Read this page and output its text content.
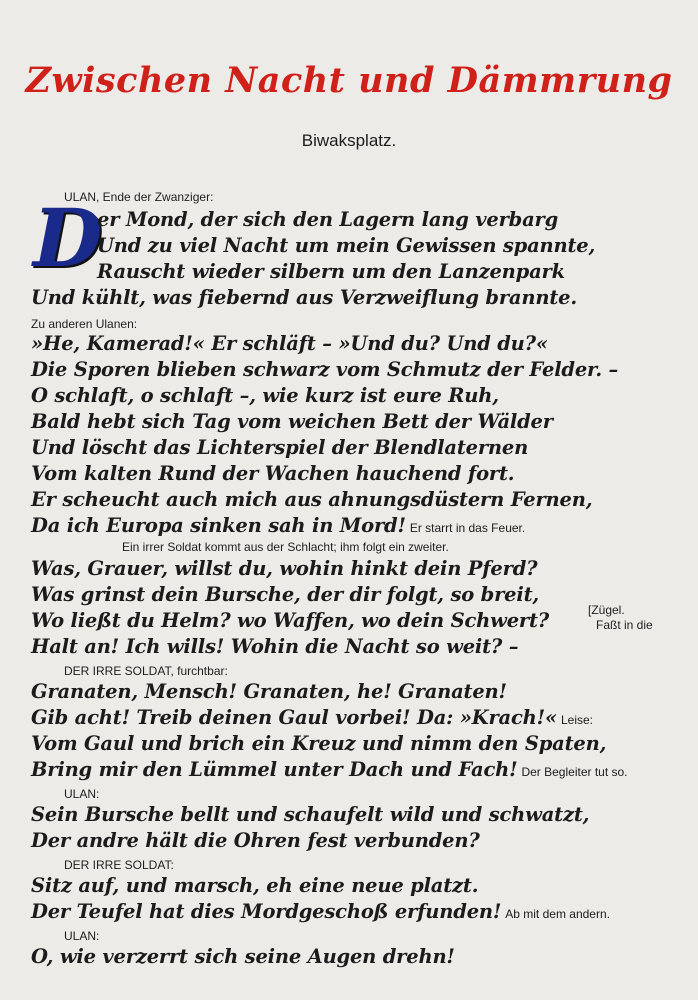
Zwischen Nacht und Dämmrung
Biwaksplatz.
ULAN, Ende der Zwanziger:
D
er Mond, der sich den Lagern lang verbarg
Und zu viel Nacht um mein Gewissen spannte,
Rauscht wieder silbern um den Lanzenpark
Und kühlt, was fiebernd aus Verzweiflung brannte.
Zu anderen Ulanen:
»He, Kamerad!« Er schläft – »Und du? Und du?«
Die Sporen blieben schwarz vom Schmutz der Felder. –
O schlaft, o schlaft –, wie kurz ist eure Ruh,
Bald hebt sich Tag vom weichen Bett der Wälder
Und löscht das Lichterspiel der Blendlaternen
Vom kalten Rund der Wachen hauchend fort.
Er scheucht auch mich aus ahnungsdüstern Fernen,
Da ich Europa sinken sah in Mord! Er starrt in das Feuer.
Ein irrer Soldat kommt aus der Schlacht; ihm folgt ein zweiter.
Was, Grauer, willst du, wohin hinkt dein Pferd?
Was grinst dein Bursche, der dir folgt, so breit,
Wo ließt du Helm? wo Waffen, wo dein Schwert?	[Zügel.
Faßt in die
Halt an! Ich wills! Wohin die Nacht so weit? –
DER IRRE SOLDAT, furchtbar:
Granaten, Mensch! Granaten, he! Granaten!
Gib acht! Treib deinen Gaul vorbei! Da: »Krach!« Leise:
Vom Gaul und brich ein Kreuz und nimm den Spaten,
Bring mir den Lümmel unter Dach und Fach! Der Begleiter tut so.
ULAN:
Sein Bursche bellt und schaufelt wild und schwatzt,
Der andre hält die Ohren fest verbunden?
DER IRRE SOLDAT:
Sitz auf, und marsch, eh eine neue platzt.
Der Teufel hat dies Mordgeschoß erfunden! Ab mit dem andern.
ULAN:
O, wie verzerrt sich seine Augen drehn!
